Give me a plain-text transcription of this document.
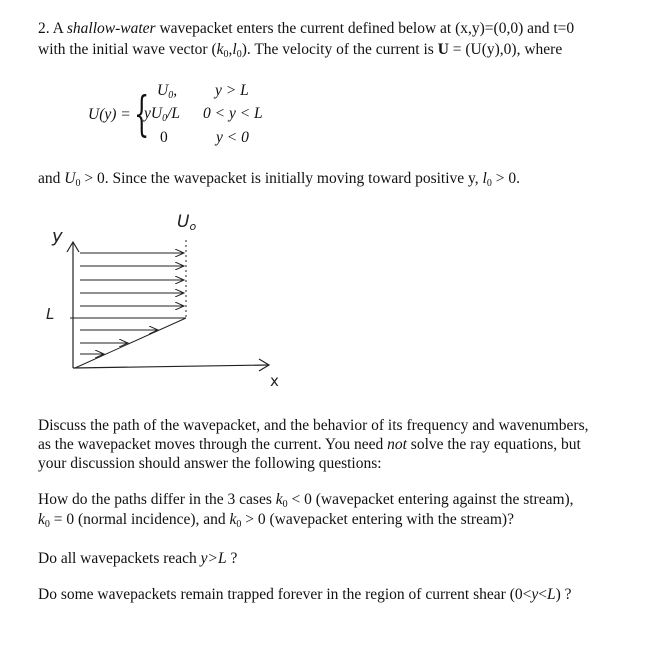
2. A shallow-water wavepacket enters the current defined below at (x,y)=(0,0) and t=0
with the initial wave vector $(k_0,l_0)$. The velocity of the current is U = (U(y),0), where
U(y) = { $U_0$, y > L
$yU_0/L$ 0 < y < L
0	y < 0
and $U_0 > 0$. Since the wavepacket is initially moving toward positive y, $l_0 > 0$.
y
x
L
Uo
Discuss the path of the wavepacket, and the behavior of its frequency and wavenumbers,
as the wavepacket moves through the current. You need not solve the ray equations, but
your discussion should answer the following questions:
How do the paths differ in the 3 cases $k_0 < 0$ (wavepacket entering against the stream),
$k_0 = 0$ (normal incidence), and $k_0 > 0$ (wavepacket entering with the stream)?
Do all wavepackets reach y>L ?
Do some wavepackets remain trapped forever in the region of current shear (0<y<L) ?
